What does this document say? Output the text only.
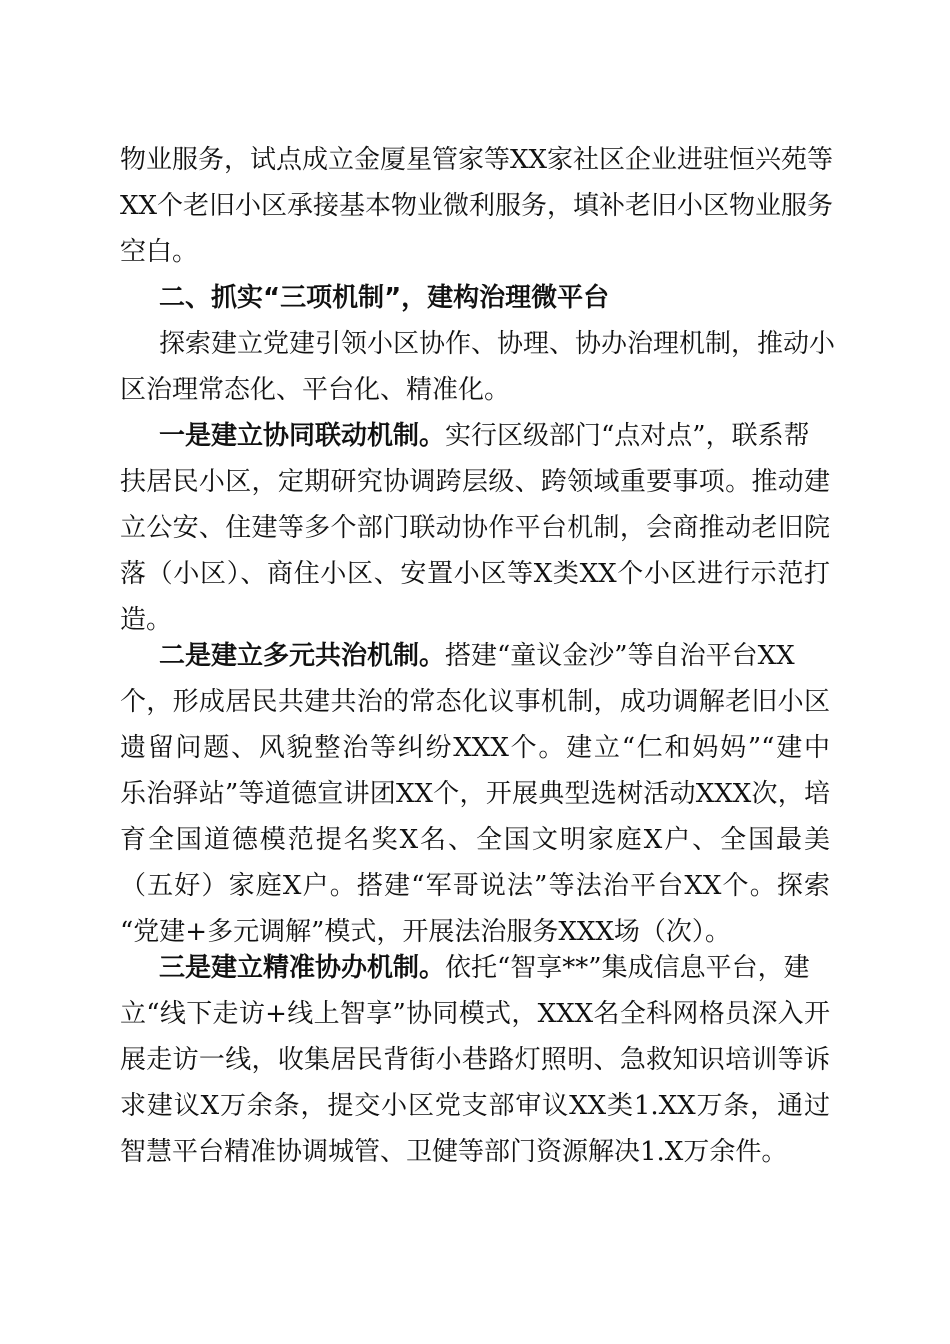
物业服务，试点成立金厦星管家等XX家社区企业进驻恒兴苑等
XX个老旧小区承接基本物业微利服务，填补老旧小区物业服务
空白。
二、抓实“三项机制”，建构治理微平台
探索建立党建引领小区协作、协理、协办治理机制，推动小
区治理常态化、平台化、精准化。
一是建立协同联动机制。实行区级部门“点对点”，联系帮
扶居民小区，定期研究协调跨层级、跨领域重要事项。推动建
立公安、住建等多个部门联动协作平台机制，会商推动老旧院
落（小区）、商住小区、安置小区等X类XX个小区进行示范打
造。
二是建立多元共治机制。搭建“童议金沙”等自治平台XX
个，形成居民共建共治的常态化议事机制，成功调解老旧小区
遗留问题、风貌整治等纠纷XXX个。建立“仁和妈妈”“建中
乐治驿站”等道德宣讲团XX个，开展典型选树活动XXX次，培
育全国道德模范提名奖X名、全国文明家庭X户、全国最美
（五好）家庭X户。搭建“军哥说法”等法治平台XX个。探索
“党建+多元调解”模式，开展法治服务XXX场（次）。
三是建立精准协办机制。依托“智享**”集成信息平台，建
立“线下走访+线上智享”协同模式，XXX名全科网格员深入开
展走访一线，收集居民背街小巷路灯照明、急救知识培训等诉
求建议X万余条，提交小区党支部审议XX类1.XX万条，通过
智慧平台精准协调城管、卫健等部门资源解决1.X万余件。
